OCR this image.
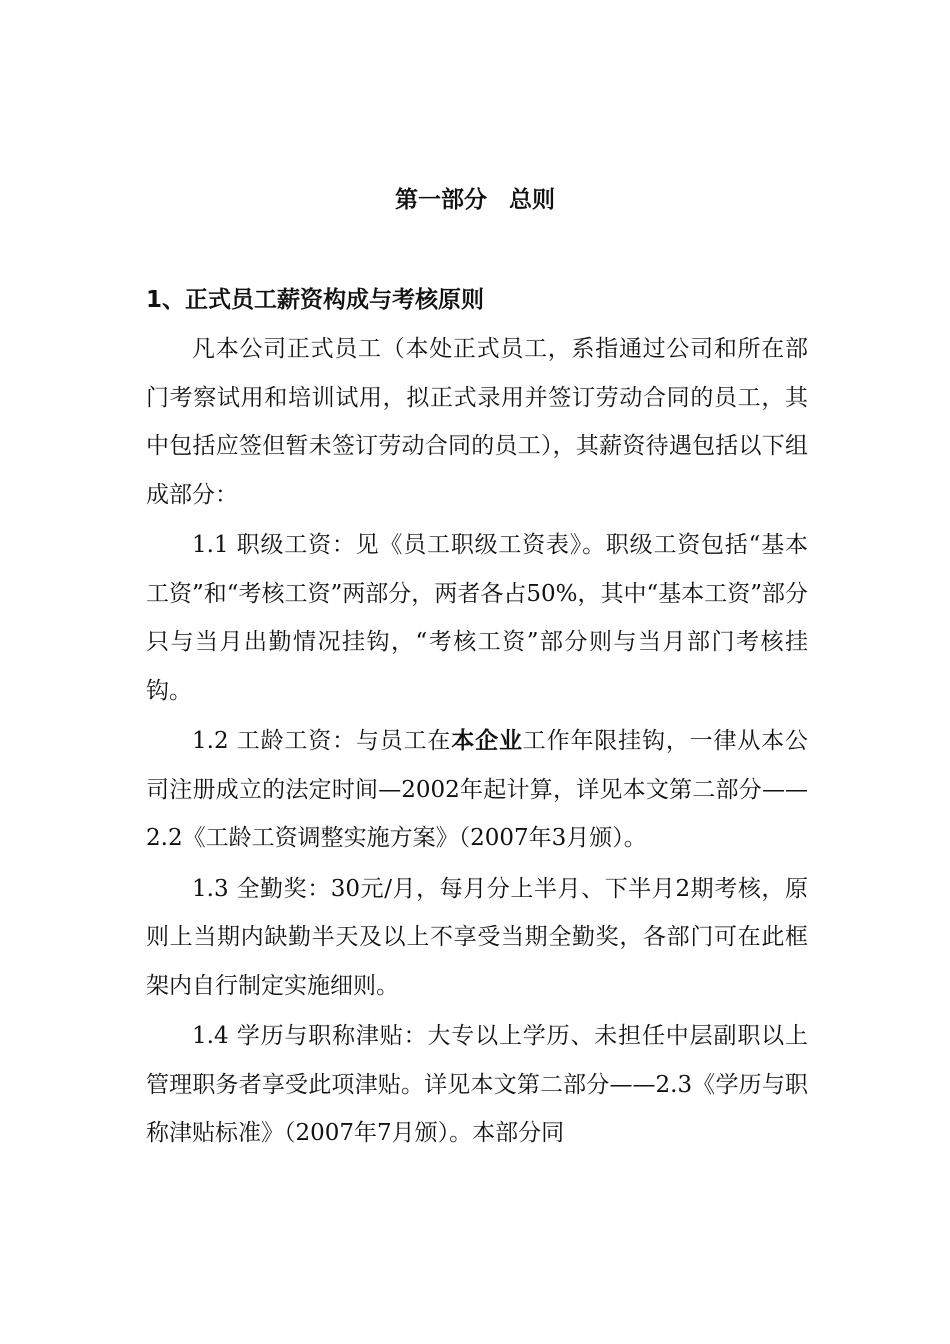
第一部分 总则
1、正式员工薪资构成与考核原则

凡本公司正式员工（本处正式员工，系指通过公司和所在部门考察试用和培训试用，拟正式录用并签订劳动合同的员工，其中包括应签但暂未签订劳动合同的员工），其薪资待遇包括以下组成部分：

1.1 职级工资：见《员工职级工资表》。职级工资包括“基本工资”和“考核工资”两部分，两者各占50%，其中“基本工资”部分只与当月出勤情况挂钩，“考核工资”部分则与当月部门考核挂钩。

1.2 工龄工资：与员工在本企业工作年限挂钩，一律从本公司注册成立的法定时间—2002年起计算，详见本文第二部分——2.2《工龄工资调整实施方案》（2007年3月颁）。

1.3 全勤奖：30元/月，每月分上半月、下半月2期考核，原则上当期内缺勤半天及以上不享受当期全勤奖，各部门可在此框架内自行制定实施细则。

1.4 学历与职称津贴：大专以上学历、未担任中层副职以上管理职务者享受此项津贴。详见本文第二部分——2.3《学历与职称津贴标准》（2007年7月颁）。本部分同
